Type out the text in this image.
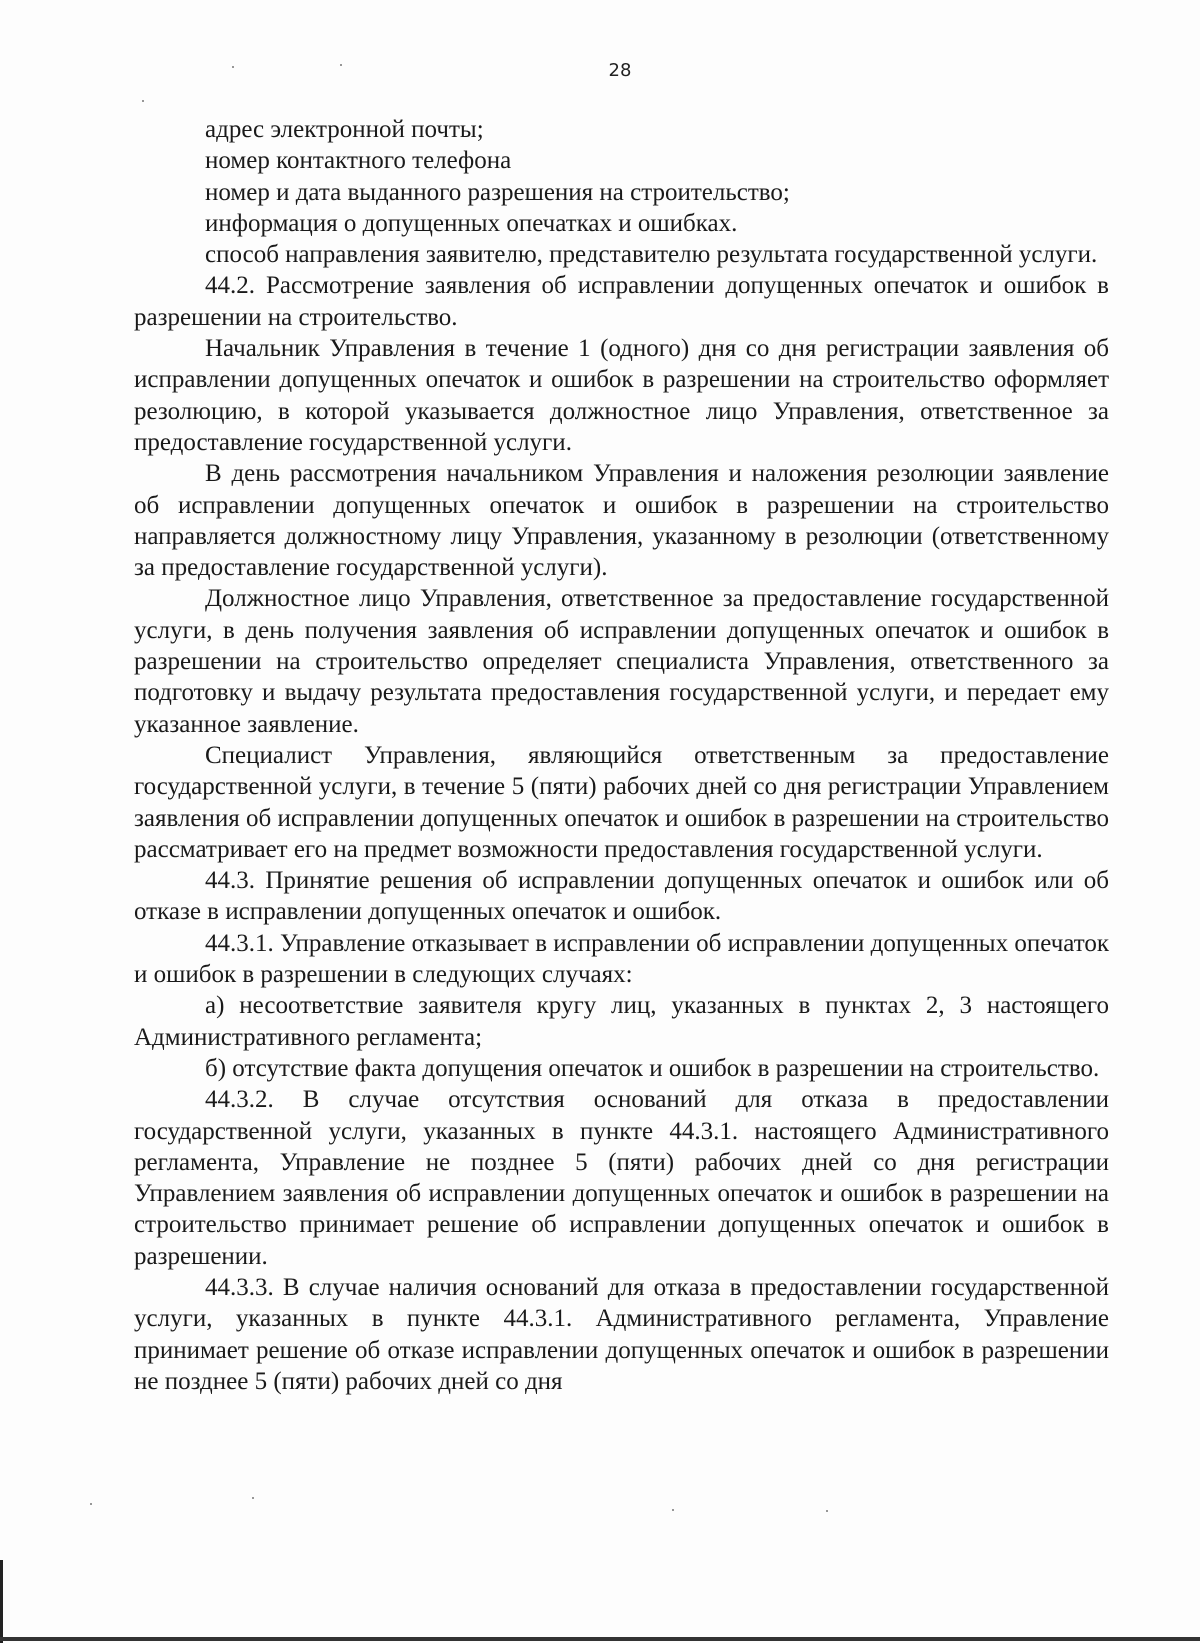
28

адрес электронной почты;

номер контактного телефона

номер и дата выданного разрешения на строительство;

информация о допущенных опечатках и ошибках.

способ направления заявителю, представителю результата государственной услуги.

44.2. Рассмотрение заявления об исправлении допущенных опечаток и ошибок в разрешении на строительство.

Начальник Управления в течение 1 (одного) дня со дня регистрации заявления об исправлении допущенных опечаток и ошибок в разрешении на строительство оформляет резолюцию, в которой указывается должностное лицо Управления, ответственное за предоставление государственной услуги.

В день рассмотрения начальником Управления и наложения резолюции заявление об исправлении допущенных опечаток и ошибок в разрешении на строительство направляется должностному лицу Управления, указанному в резолюции (ответственному за предоставление государственной услуги).

Должностное лицо Управления, ответственное за предоставление государственной услуги, в день получения заявления об исправлении допущенных опечаток и ошибок в разрешении на строительство определяет специалиста Управления, ответственного за подготовку и выдачу результата предоставления государственной услуги, и передает ему указанное заявление.

Специалист Управления, являющийся ответственным за предоставление государственной услуги, в течение 5 (пяти) рабочих дней со дня регистрации Управлением заявления об исправлении допущенных опечаток и ошибок в разрешении на строительство рассматривает его на предмет возможности предоставления государственной услуги.

44.3. Принятие решения об исправлении допущенных опечаток и ошибок или об отказе в исправлении допущенных опечаток и ошибок.

44.3.1. Управление отказывает в исправлении об исправлении допущенных опечаток и ошибок в разрешении в следующих случаях:

а) несоответствие заявителя кругу лиц, указанных в пунктах 2, 3 настоящего Административного регламента;

б) отсутствие факта допущения опечаток и ошибок в разрешении на строительство.

44.3.2. В случае отсутствия оснований для отказа в предоставлении государственной услуги, указанных в пункте 44.3.1. настоящего Административного регламента, Управление не позднее 5 (пяти) рабочих дней со дня регистрации Управлением заявления об исправлении допущенных опечаток и ошибок в разрешении на строительство принимает решение об исправлении допущенных опечаток и ошибок в разрешении.

44.3.3. В случае наличия оснований для отказа в предоставлении государственной услуги, указанных в пункте 44.3.1. Административного регламента, Управление принимает решение об отказе исправлении допущенных опечаток и ошибок в разрешении не позднее 5 (пяти) рабочих дней со дня
